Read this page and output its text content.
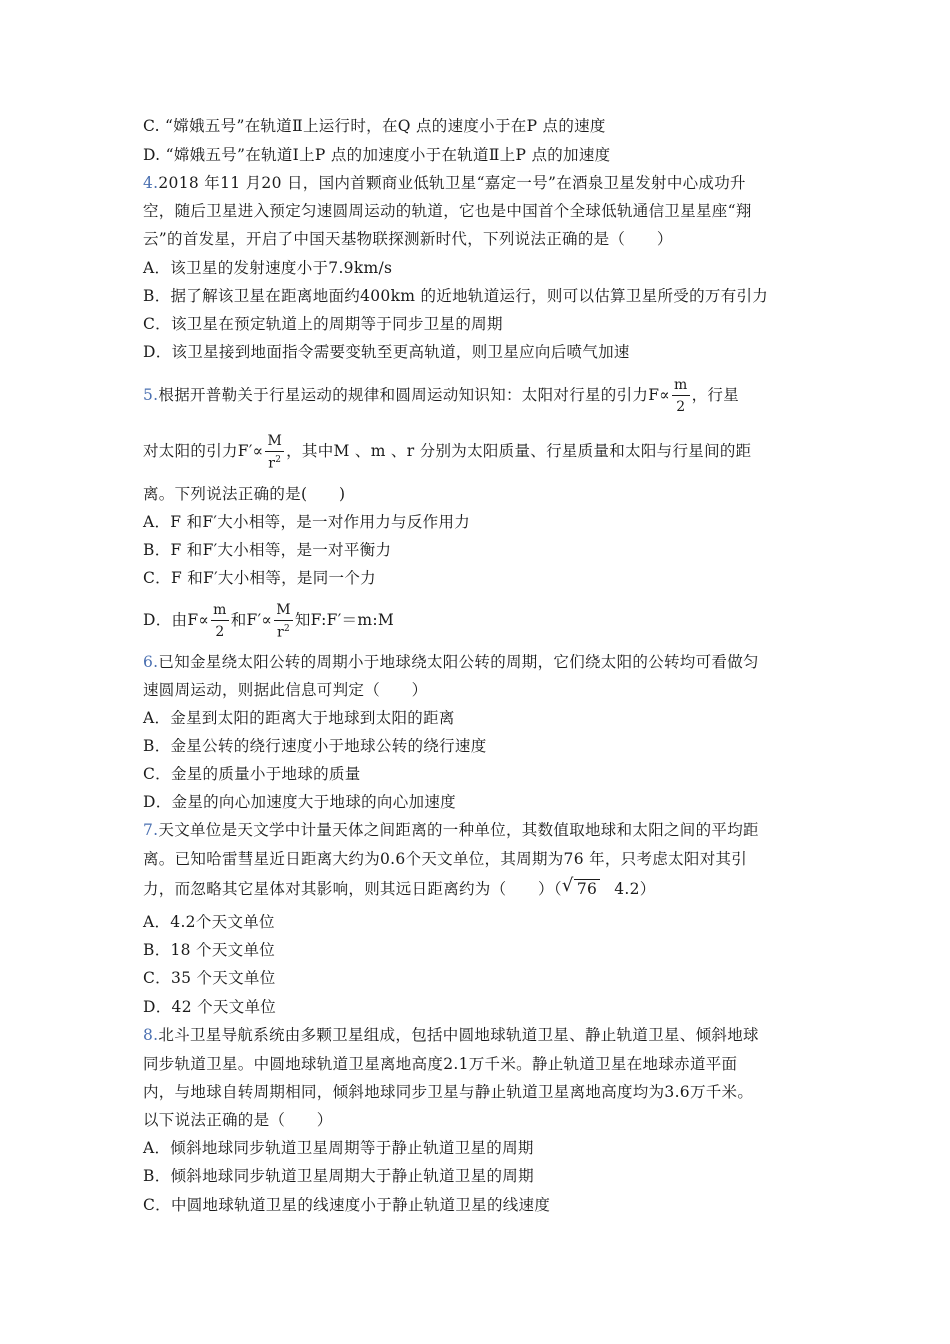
C. “嫦娥五号”在轨道Ⅱ上运行时，在Q 点的速度小于在P 点的速度
D. “嫦娥五号”在轨道Ⅰ上P 点的加速度小于在轨道Ⅱ上P 点的加速度
4.2018 年11 月20 日，国内首颗商业低轨卫星“嘉定一号”在酒泉卫星发射中心成功升
空，随后卫星进入预定匀速圆周运动的轨道，它也是中国首个全球低轨通信卫星星座“翔
云”的首发星，开启了中国天基物联探测新时代，下列说法正确的是（　　）
A．该卫星的发射速度小于7.9km/s
B．据了解该卫星在距离地面约400km 的近地轨道运行，则可以估算卫星所受的万有引力
C．该卫星在预定轨道上的周期等于同步卫星的周期
D．该卫星接到地面指令需要变轨至更高轨道，则卫星应向后喷气加速
5.根据开普勒关于行星运动的规律和圆周运动知识知：太阳对行星的引力$F\propto \frac{m}{2}$ ，行星
对太阳的引力$F'\propto \frac{M}{r^2}$ ，其中M 、m 、r 分别为太阳质量、行星质量和太阳与行星间的距
离。下列说法正确的是(　　)
A．F 和F′大小相等，是一对作用力与反作用力
B．F 和F′大小相等，是一对平衡力
C．F 和F′大小相等，是同一个力
D．由$F\propto \frac{m}{2}$ 和$F'\propto \frac{M}{r^2}$ 知F:F′＝m:M
6.已知金星绕太阳公转的周期小于地球绕太阳公转的周期，它们绕太阳的公转均可看做匀
速圆周运动，则据此信息可判定（　　）
A．金星到太阳的距离大于地球到太阳的距离
B．金星公转的绕行速度小于地球公转的绕行速度
C．金星的质量小于地球的质量
D．金星的向心加速度大于地球的向心加速度
7.天文单位是天文学中计量天体之间距离的一种单位，其数值取地球和太阳之间的平均距
离。已知哈雷彗星近日距离大约为0.6个天文单位，其周期为76 年，只考虑太阳对其引
力，而忽略其它星体对其影响，则其远日距离约为（　　）（ √ 76 4.2）
A．4.2个天文单位
B．18 个天文单位
C．35 个天文单位
D．42 个天文单位
8.北斗卫星导航系统由多颗卫星组成，包括中圆地球轨道卫星、静止轨道卫星、倾斜地球
同步轨道卫星。中圆地球轨道卫星离地高度2.1万千米。静止轨道卫星在地球赤道平面
内，与地球自转周期相同，倾斜地球同步卫星与静止轨道卫星离地高度均为3.6万千米。
以下说法正确的是（　　）
A．倾斜地球同步轨道卫星周期等于静止轨道卫星的周期
B．倾斜地球同步轨道卫星周期大于静止轨道卫星的周期
C．中圆地球轨道卫星的线速度小于静止轨道卫星的线速度
